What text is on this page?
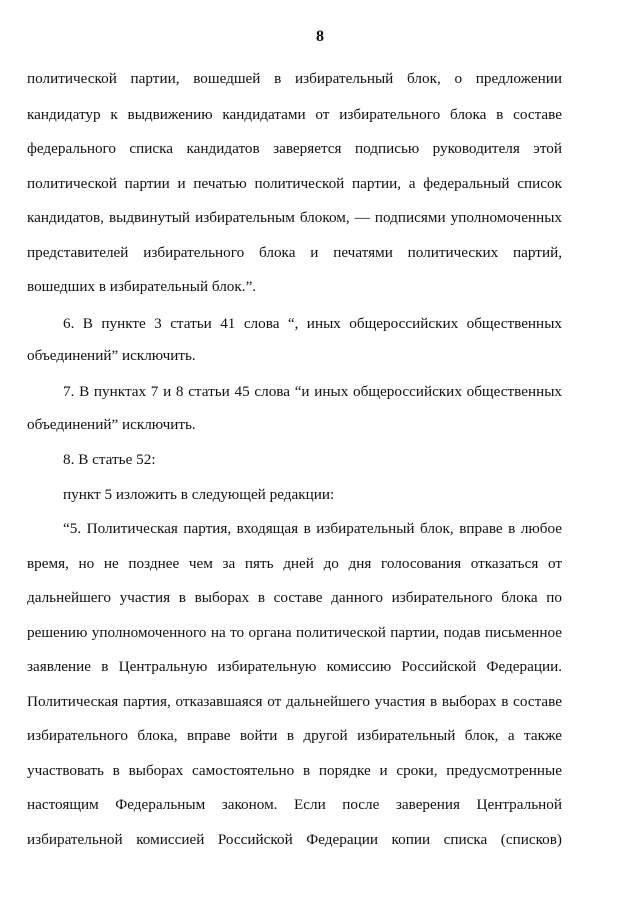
8
политической партии, вошедшей в избирательный блок, о предложении
кандидатур к выдвижению кандидатами от избирательного блока в составе
федерального списка кандидатов заверяется подписью руководителя этой
политической партии и печатью политической партии, а федеральный список
кандидатов, выдвинутый избирательным блоком, — подписями уполномоченных
представителей избирательного блока и печатями политических партий,
вошедших в избирательный блок.”.
6. В пункте 3 статьи 41 слова “, иных общероссийских общественных
объединений” исключить.
7. В пунктах 7 и 8 статьи 45 слова “и иных общероссийских общественных
объединений” исключить.
8. В статье 52:
пункт 5 изложить в следующей редакции:
“5. Политическая партия, входящая в избирательный блок, вправе в любое
время, но не позднее чем за пять дней до дня голосования отказаться от
дальнейшего участия в выборах в составе данного избирательного блока по
решению уполномоченного на то органа политической партии, подав письменное
заявление в Центральную избирательную комиссию Российской Федерации.
Политическая партия, отказавшаяся от дальнейшего участия в выборах в составе
избирательного блока, вправе войти в другой избирательный блок, а также
участвовать в выборах самостоятельно в порядке и сроки, предусмотренные
настоящим Федеральным законом. Если после заверения Центральной
избирательной комиссией Российской Федерации копии списка (списков)
